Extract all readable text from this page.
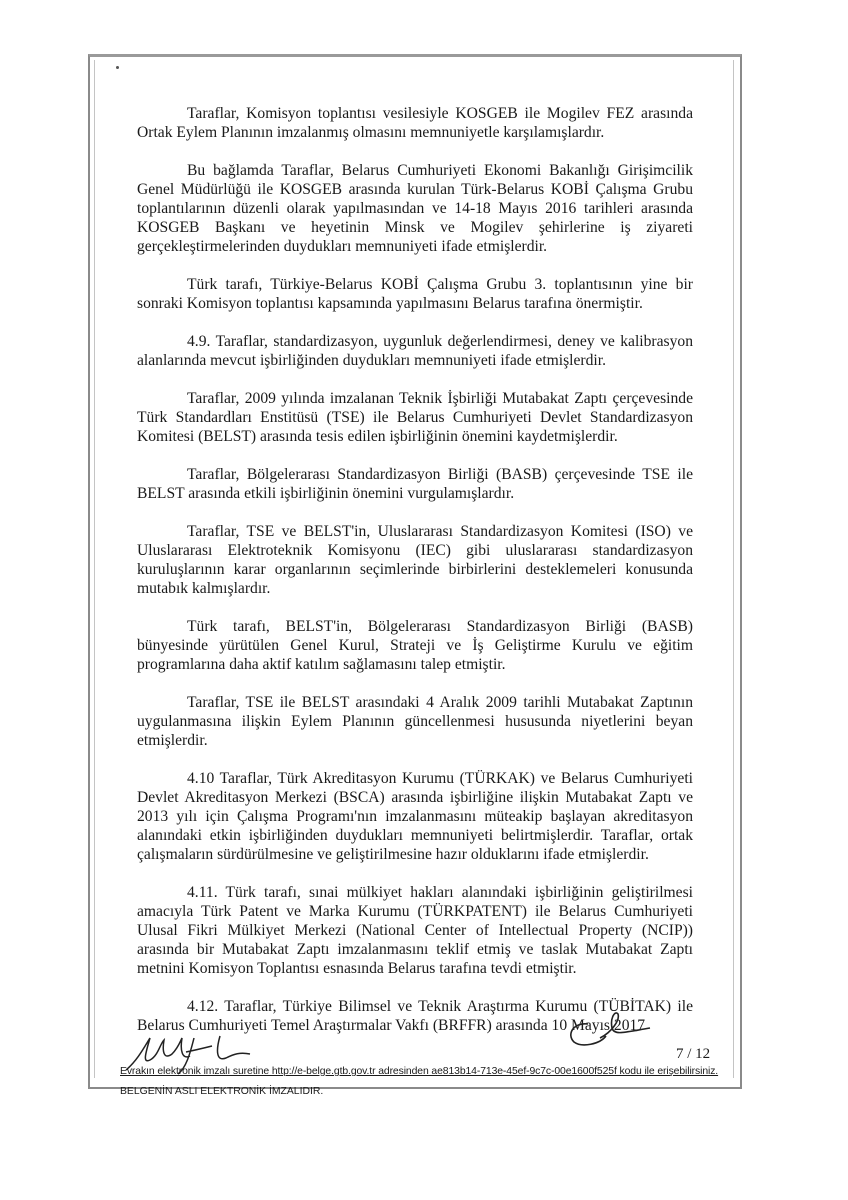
Taraflar, Komisyon toplantısı vesilesiyle KOSGEB ile Mogilev FEZ arasında Ortak Eylem Planının imzalanmış olmasını memnuniyetle karşılamışlardır.

Bu bağlamda Taraflar, Belarus Cumhuriyeti Ekonomi Bakanlığı Girişimcilik Genel Müdürlüğü ile KOSGEB arasında kurulan Türk-Belarus KOBİ Çalışma Grubu toplantılarının düzenli olarak yapılmasından ve 14-18 Mayıs 2016 tarihleri arasında KOSGEB Başkanı ve heyetinin Minsk ve Mogilev şehirlerine iş ziyareti gerçekleştirmelerinden duydukları memnuniyeti ifade etmişlerdir.

Türk tarafı, Türkiye-Belarus KOBİ Çalışma Grubu 3. toplantısının yine bir sonraki Komisyon toplantısı kapsamında yapılmasını Belarus tarafına önermiştir.

4.9. Taraflar, standardizasyon, uygunluk değerlendirmesi, deney ve kalibrasyon alanlarında mevcut işbirliğinden duydukları memnuniyeti ifade etmişlerdir.

Taraflar, 2009 yılında imzalanan Teknik İşbirliği Mutabakat Zaptı çerçevesinde Türk Standardları Enstitüsü (TSE) ile Belarus Cumhuriyeti Devlet Standardizasyon Komitesi (BELST) arasında tesis edilen işbirliğinin önemini kaydetmişlerdir.

Taraflar, Bölgelerarası Standardizasyon Birliği (BASB) çerçevesinde TSE ile BELST arasında etkili işbirliğinin önemini vurgulamışlardır.

Taraflar, TSE ve BELST'in, Uluslararası Standardizasyon Komitesi (ISO) ve Uluslararası Elektroteknik Komisyonu (IEC) gibi uluslararası standardizasyon kuruluşlarının karar organlarının seçimlerinde birbirlerini desteklemeleri konusunda mutabık kalmışlardır.

Türk tarafı, BELST'in, Bölgelerarası Standardizasyon Birliği (BASB) bünyesinde yürütülen Genel Kurul, Strateji ve İş Geliştirme Kurulu ve eğitim programlarına daha aktif katılım sağlamasını talep etmiştir.

Taraflar, TSE ile BELST arasındaki 4 Aralık 2009 tarihli Mutabakat Zaptının uygulanmasına ilişkin Eylem Planının güncellenmesi hususunda niyetlerini beyan etmişlerdir.

4.10 Taraflar, Türk Akreditasyon Kurumu (TÜRKAK) ve Belarus Cumhuriyeti Devlet Akreditasyon Merkezi (BSCA) arasında işbirliğine ilişkin Mutabakat Zaptı ve 2013 yılı için Çalışma Programı'nın imzalanmasını müteakip başlayan akreditasyon alanındaki etkin işbirliğinden duydukları memnuniyeti belirtmişlerdir. Taraflar, ortak çalışmaların sürdürülmesine ve geliştirilmesine hazır olduklarını ifade etmişlerdir.

4.11. Türk tarafı, sınai mülkiyet hakları alanındaki işbirliğinin geliştirilmesi amacıyla Türk Patent ve Marka Kurumu (TÜRKPATENT) ile Belarus Cumhuriyeti Ulusal Fikri Mülkiyet Merkezi (National Center of Intellectual Property (NCIP)) arasında bir Mutabakat Zaptı imzalanmasını teklif etmiş ve taslak Mutabakat Zaptı metnini Komisyon Toplantısı esnasında Belarus tarafına tevdi etmiştir.

4.12. Taraflar, Türkiye Bilimsel ve Teknik Araştırma Kurumu (TÜBİTAK) ile Belarus Cumhuriyeti Temel Araştırmalar Vakfı (BRFFR) arasında 10 Mayıs 2017

7 / 12
Evrakın elektronik imzalı suretine http://e-belge.gtb.gov.tr adresinden ae813b14-713e-45ef-9c7c-00e1600f525f kodu ile erişebilirsiniz.
BELGENİN ASLI ELEKTRONİK İMZALIDIR.
